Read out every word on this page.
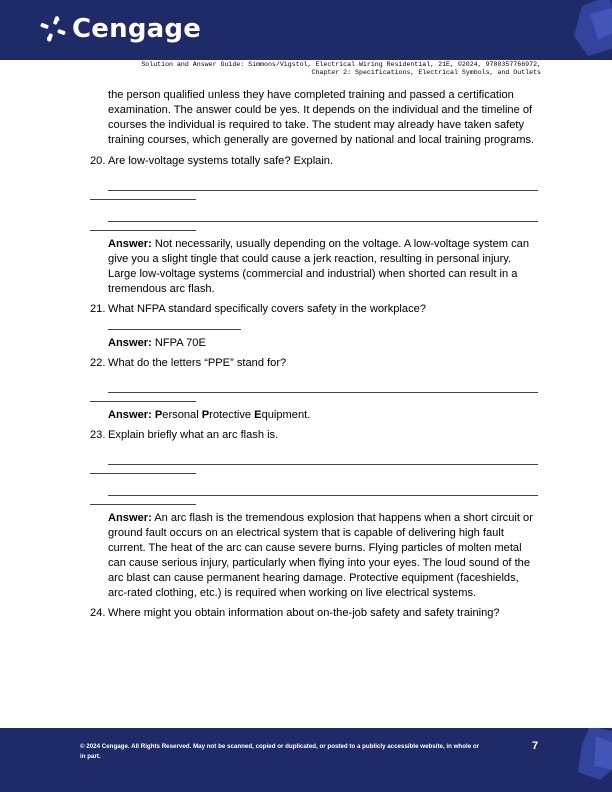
Cengage
Solution and Answer Guide: Simmons/Vigstol, Electrical Wiring Residential, 21E, ©2024, 9780357766972,
Chapter 2: Specifications, Electrical Symbols, and Outlets
the person qualified unless they have completed training and passed a certification examination. The answer could be yes. It depends on the individual and the timeline of courses the individual is required to take. The student may already have taken safety training courses, which generally are governed by national and local training programs.
20. Are low-voltage systems totally safe? Explain.
Answer: Not necessarily, usually depending on the voltage. A low-voltage system can give you a slight tingle that could cause a jerk reaction, resulting in personal injury. Large low-voltage systems (commercial and industrial) when shorted can result in a tremendous arc flash.
21. What NFPA standard specifically covers safety in the workplace?
Answer: NFPA 70E
22. What do the letters “PPE” stand for?
Answer: Personal Protective Equipment.
23. Explain briefly what an arc flash is.
Answer: An arc flash is the tremendous explosion that happens when a short circuit or ground fault occurs on an electrical system that is capable of delivering high fault current. The heat of the arc can cause severe burns. Flying particles of molten metal can cause serious injury, particularly when flying into your eyes. The loud sound of the arc blast can cause permanent hearing damage. Protective equipment (faceshields, arc-rated clothing, etc.) is required when working on live electrical systems.
24. Where might you obtain information about on-the-job safety and safety training?
© 2024 Cengage. All Rights Reserved. May not be scanned, copied or duplicated, or posted to a publicly accessible website, in whole or in part.
7
